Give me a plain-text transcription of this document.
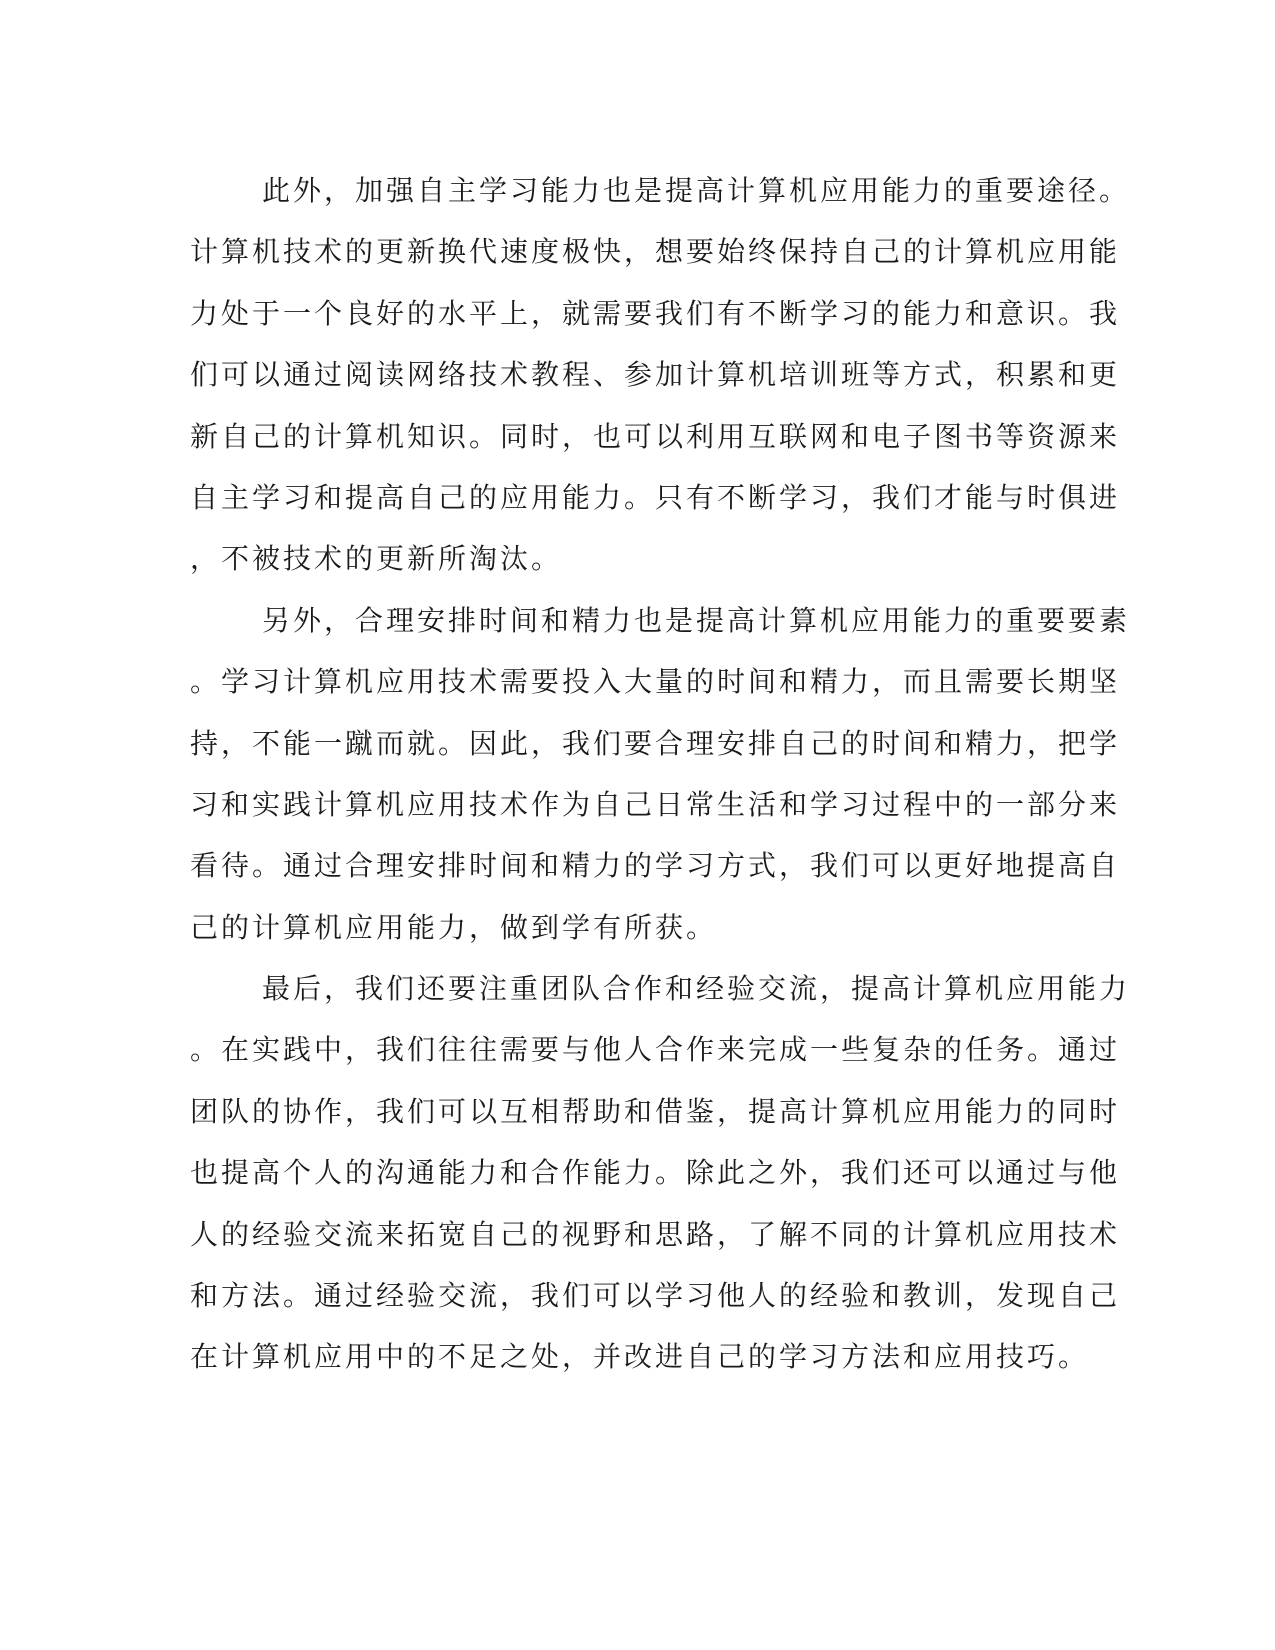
此外，加强自主学习能力也是提高计算机应用能力的重要途径。
计算机技术的更新换代速度极快，想要始终保持自己的计算机应用能
力处于一个良好的水平上，就需要我们有不断学习的能力和意识。我
们可以通过阅读网络技术教程、参加计算机培训班等方式，积累和更
新自己的计算机知识。同时，也可以利用互联网和电子图书等资源来
自主学习和提高自己的应用能力。只有不断学习，我们才能与时俱进
，不被技术的更新所淘汰。
另外，合理安排时间和精力也是提高计算机应用能力的重要要素
。学习计算机应用技术需要投入大量的时间和精力，而且需要长期坚
持，不能一蹴而就。因此，我们要合理安排自己的时间和精力，把学
习和实践计算机应用技术作为自己日常生活和学习过程中的一部分来
看待。通过合理安排时间和精力的学习方式，我们可以更好地提高自
己的计算机应用能力，做到学有所获。
最后，我们还要注重团队合作和经验交流，提高计算机应用能力
。在实践中，我们往往需要与他人合作来完成一些复杂的任务。通过
团队的协作，我们可以互相帮助和借鉴，提高计算机应用能力的同时
也提高个人的沟通能力和合作能力。除此之外，我们还可以通过与他
人的经验交流来拓宽自己的视野和思路，了解不同的计算机应用技术
和方法。通过经验交流，我们可以学习他人的经验和教训，发现自己
在计算机应用中的不足之处，并改进自己的学习方法和应用技巧。
